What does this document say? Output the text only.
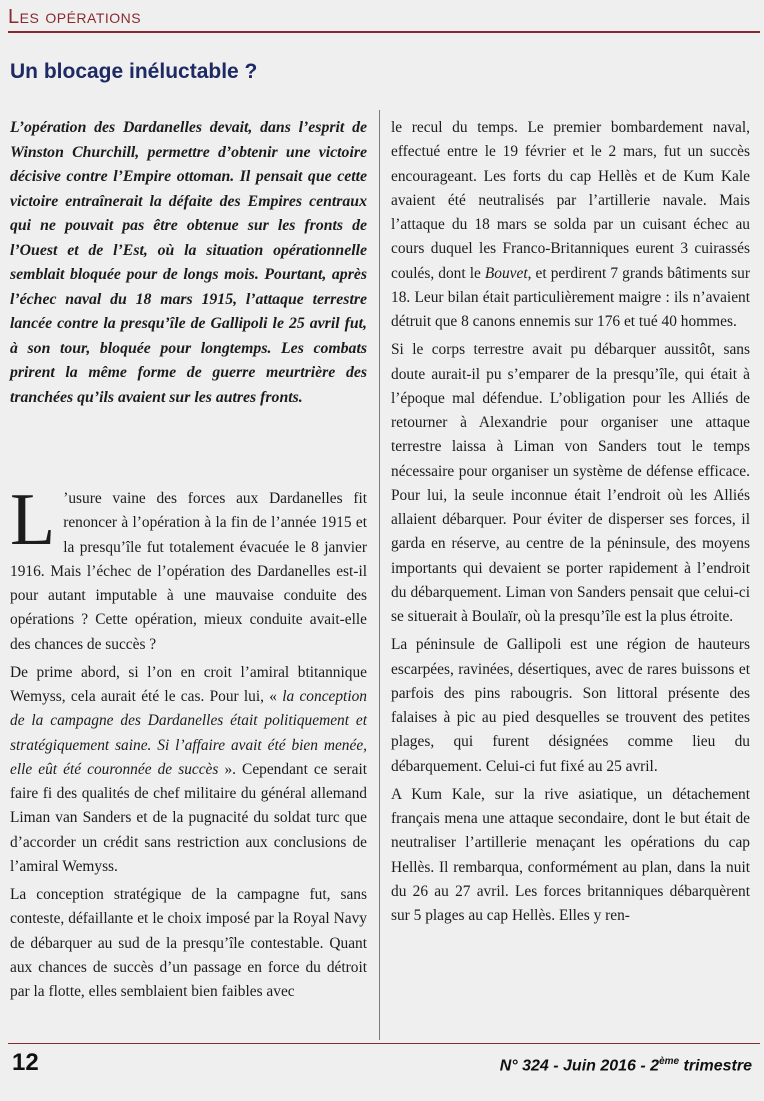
Les opérations
Un blocage inéluctable ?
L’opération des Dardanelles devait, dans l’esprit de Winston Churchill, permettre d’obtenir une victoire décisive contre l’Empire ottoman. Il pensait que cette victoire entraînerait la défaite des Empires centraux qui ne pouvait pas être obtenue sur les fronts de l’Ouest et de l’Est, où la situation opérationnelle semblait bloquée pour de longs mois. Pourtant, après l’échec naval du 18 mars 1915, l’attaque terrestre lancée contre la presqu’île de Gallipoli le 25 avril fut, à son tour, bloquée pour longtemps. Les combats prirent la même forme de guerre meurtrière des tranchées qu’ils avaient sur les autres fronts.

L ’usure vaine des forces aux Dardanelles fit renoncer à l’opération à la fin de l’année 1915 et la presqu’île fut totalement évacuée le 8 janvier 1916. Mais l’échec de l’opération des Dardanelles est-il pour autant imputable à une mauvaise conduite des opérations ? Cette opération, mieux conduite avait-elle des chances de succès ?

De prime abord, si l’on en croit l’amiral btitannique Wemyss, cela aurait été le cas. Pour lui, « la conception de la campagne des Dardanelles était politiquement et stratégiquement saine. Si l’affaire avait été bien menée, elle eût été couronnée de succès ». Cependant ce serait faire fi des qualités de chef militaire du général allemand Liman van Sanders et de la pugnacité du soldat turc que d’accorder un crédit sans restriction aux conclusions de l’amiral Wemyss.

La conception stratégique de la campagne fut, sans conteste, défaillante et le choix imposé par la Royal Navy de débarquer au sud de la presqu’île contestable. Quant aux chances de succès d’un passage en force du détroit par la flotte, elles semblaient bien faibles avec

le recul du temps. Le premier bombardement naval, effectué entre le 19 février et le 2 mars, fut un succès encourageant. Les forts du cap Hellès et de Kum Kale avaient été neutralisés par l’artillerie navale. Mais l’attaque du 18 mars se solda par un cuisant échec au cours duquel les Franco-Britanniques eurent 3 cuirassés coulés, dont le Bouvet, et perdirent 7 grands bâtiments sur 18. Leur bilan était particulièrement maigre : ils n’avaient détruit que 8 canons ennemis sur 176 et tué 40 hommes.

Si le corps terrestre avait pu débarquer aussitôt, sans doute aurait-il pu s’emparer de la presqu’île, qui était à l’époque mal défendue. L’obligation pour les Alliés de retourner à Alexandrie pour organiser une attaque terrestre laissa à Liman von Sanders tout le temps nécessaire pour organiser un système de défense efficace. Pour lui, la seule inconnue était l’endroit où les Alliés allaient débarquer. Pour éviter de disperser ses forces, il garda en réserve, au centre de la péninsule, des moyens importants qui devaient se porter rapidement à l’endroit du débarquement. Liman von Sanders pensait que celui-ci se situerait à Boulaïr, où la presqu’île est la plus étroite.

La péninsule de Gallipoli est une région de hauteurs escarpées, ravinées, désertiques, avec de rares buissons et parfois des pins rabougris. Son littoral présente des falaises à pic au pied desquelles se trouvent des petites plages, qui furent désignées comme lieu du débarquement. Celui-ci fut fixé au 25 avril.

A Kum Kale, sur la rive asiatique, un détachement français mena une attaque secondaire, dont le but était de neutraliser l’artillerie menaçant les opérations du cap Hellès. Il rembarqua, conformément au plan, dans la nuit du 26 au 27 avril. Les forces britanniques débarquèrent sur 5 plages au cap Hellès. Elles y ren-

12	N° 324 - Juin 2016 - 2ème trimestre
